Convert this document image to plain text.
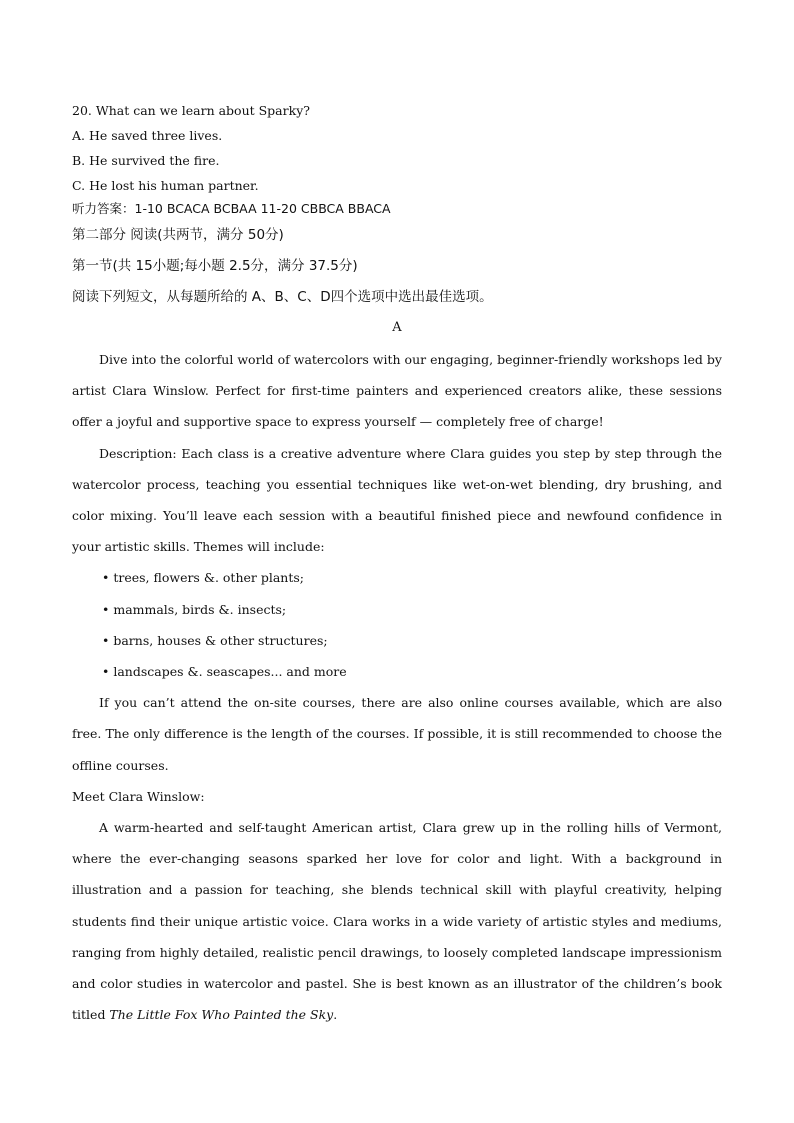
20. What can we learn about Sparky?
A. He saved three lives.
B. He survived the fire.
C. He lost his human partner.
听力答案：1-10 BCACA BCBAA 11-20 CBBCA BBACA
第二部分 阅读(共两节，满分 50分)
第一节(共 15小题;每小题 2.5分，满分 37.5分)
阅读下列短文，从每题所给的 A、B、C、D四个选项中选出最佳选项。
A

Dive into the colorful world of watercolors with our engaging, beginner-friendly workshops led by artist Clara Winslow. Perfect for first-time painters and experienced creators alike, these sessions offer a joyful and supportive space to express yourself — completely free of charge!

Description: Each class is a creative adventure where Clara guides you step by step through the watercolor process, teaching you essential techniques like wet-on-wet blending, dry brushing, and color mixing. You’ll leave each session with a beautiful finished piece and newfound confidence in your artistic skills. Themes will include:

• trees, flowers &. other plants;
• mammals, birds &. insects;
• barns, houses & other structures;
• landscapes &. seascapes... and more

If you can’t attend the on-site courses, there are also online courses available, which are also free. The only difference is the length of the courses. If possible, it is still recommended to choose the offline courses.

Meet Clara Winslow:

A warm-hearted and self-taught American artist, Clara grew up in the rolling hills of Vermont, where the ever-changing seasons sparked her love for color and light. With a background in illustration and a passion for teaching, she blends technical skill with playful creativity, helping students find their unique artistic voice. Clara works in a wide variety of artistic styles and mediums, ranging from highly detailed, realistic pencil drawings, to loosely completed landscape impressionism and color studies in watercolor and pastel. She is best known as an illustrator of the children’s book titled The Little Fox Who Painted the Sky.
